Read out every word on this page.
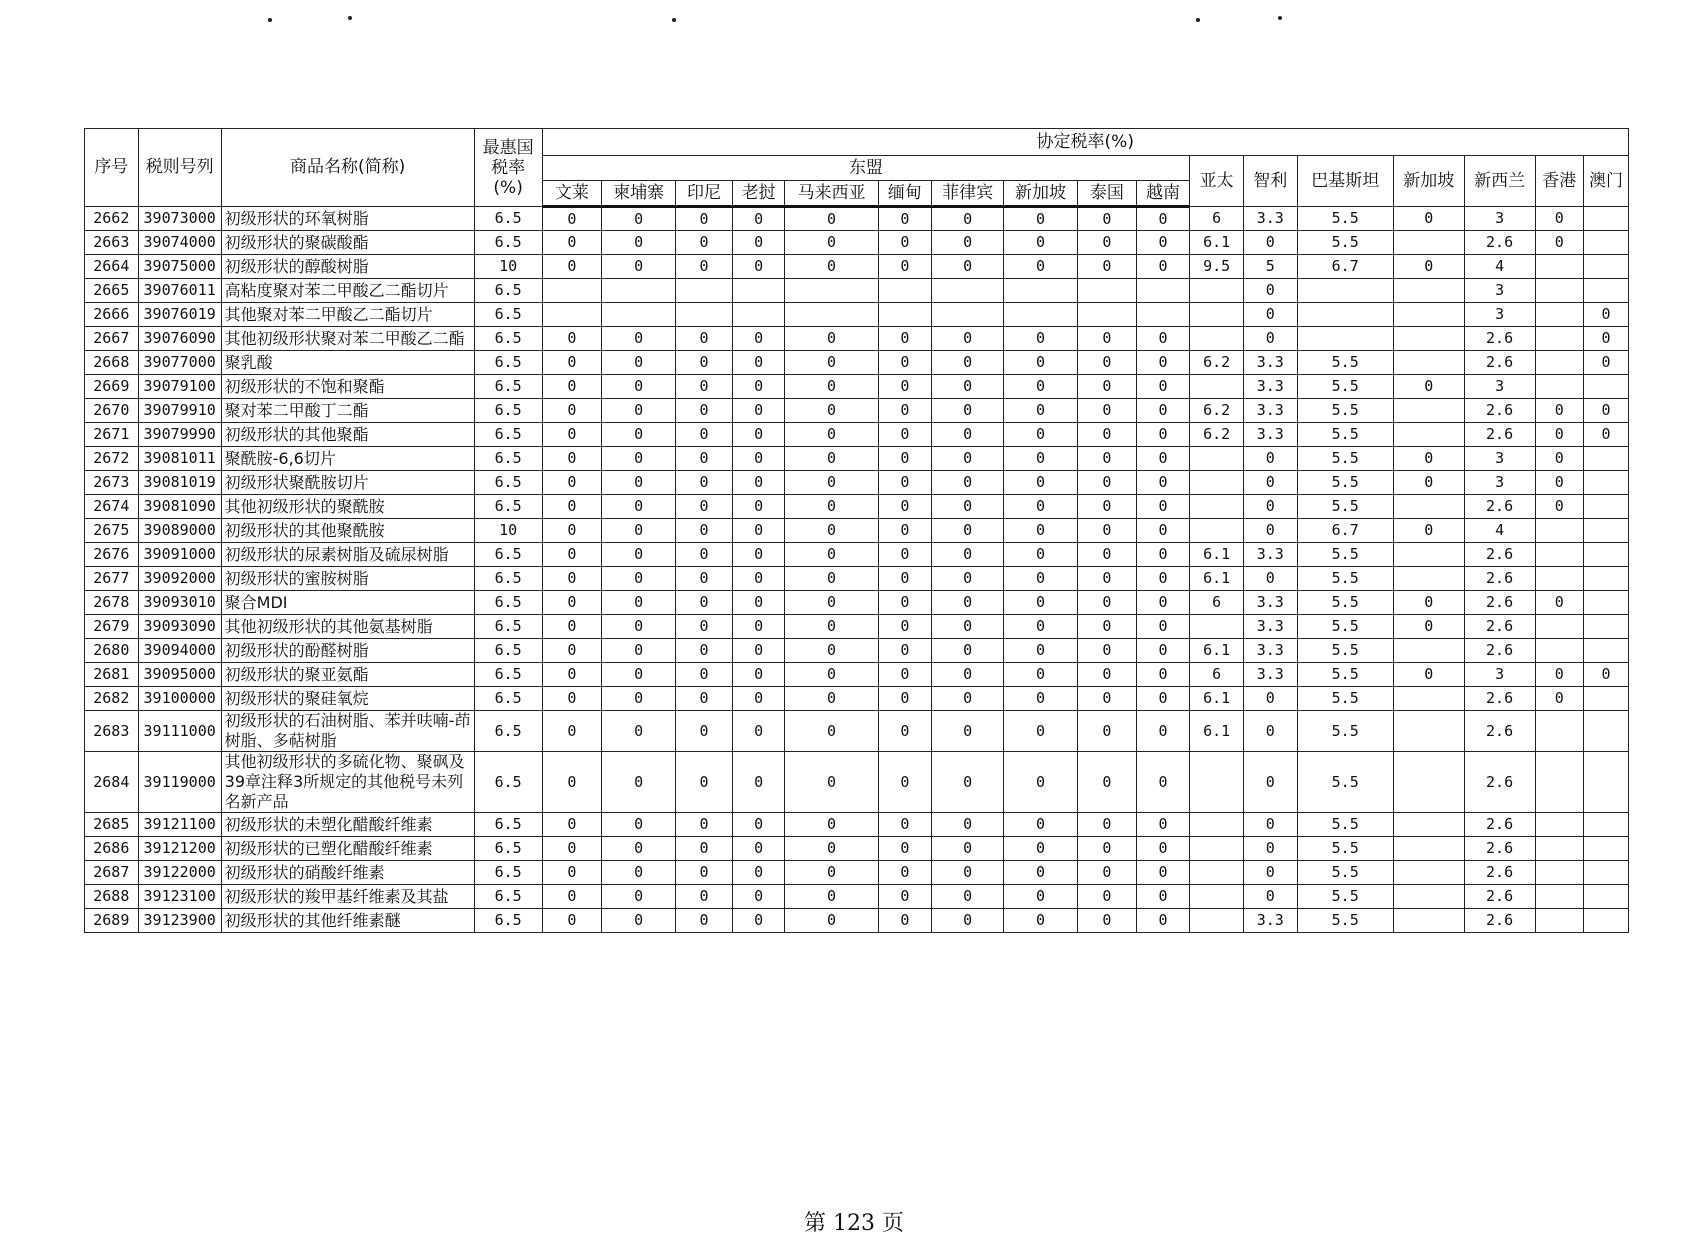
序号	税则号列	商品名称(简称)	最惠国
税率
(%)	协定税率(%)																
				东盟										亚太	智利	巴基斯坦	新加坡	新西兰	香港	澳门
				文莱	柬埔寨	印尼	老挝	马来西亚	缅甸	菲律宾	新加坡	泰国	越南							
2662	39073000	初级形状的环氧树脂	6.5	0	0	0	0	0	0	0	0	0	0	6	3.3	5.5	0	3	0	
2663	39074000	初级形状的聚碳酸酯	6.5	0	0	0	0	0	0	0	0	0	0	6.1	0	5.5		2.6	0	
2664	39075000	初级形状的醇酸树脂	10	0	0	0	0	0	0	0	0	0	0	9.5	5	6.7	0	4		
2665	39076011	高粘度聚对苯二甲酸乙二酯切片	6.5												0			3		
2666	39076019	其他聚对苯二甲酸乙二酯切片	6.5												0			3		0
2667	39076090	其他初级形状聚对苯二甲酸乙二酯	6.5	0	0	0	0	0	0	0	0	0	0		0			2.6		0
2668	39077000	聚乳酸	6.5	0	0	0	0	0	0	0	0	0	0	6.2	3.3	5.5		2.6		0
2669	39079100	初级形状的不饱和聚酯	6.5	0	0	0	0	0	0	0	0	0	0		3.3	5.5	0	3		
2670	39079910	聚对苯二甲酸丁二酯	6.5	0	0	0	0	0	0	0	0	0	0	6.2	3.3	5.5		2.6	0	0
2671	39079990	初级形状的其他聚酯	6.5	0	0	0	0	0	0	0	0	0	0	6.2	3.3	5.5		2.6	0	0
2672	39081011	聚酰胺-6,6切片	6.5	0	0	0	0	0	0	0	0	0	0		0	5.5	0	3	0	
2673	39081019	初级形状聚酰胺切片	6.5	0	0	0	0	0	0	0	0	0	0		0	5.5	0	3	0	
2674	39081090	其他初级形状的聚酰胺	6.5	0	0	0	0	0	0	0	0	0	0		0	5.5		2.6	0	
2675	39089000	初级形状的其他聚酰胺	10	0	0	0	0	0	0	0	0	0	0		0	6.7	0	4		
2676	39091000	初级形状的尿素树脂及硫尿树脂	6.5	0	0	0	0	0	0	0	0	0	0	6.1	3.3	5.5		2.6		
2677	39092000	初级形状的蜜胺树脂	6.5	0	0	0	0	0	0	0	0	0	0	6.1	0	5.5		2.6		
2678	39093010	聚合MDI	6.5	0	0	0	0	0	0	0	0	0	0	6	3.3	5.5	0	2.6	0	
2679	39093090	其他初级形状的其他氨基树脂	6.5	0	0	0	0	0	0	0	0	0	0		3.3	5.5	0	2.6		
2680	39094000	初级形状的酚醛树脂	6.5	0	0	0	0	0	0	0	0	0	0	6.1	3.3	5.5		2.6		
2681	39095000	初级形状的聚亚氨酯	6.5	0	0	0	0	0	0	0	0	0	0	6	3.3	5.5	0	3	0	0
2682	39100000	初级形状的聚硅氧烷	6.5	0	0	0	0	0	0	0	0	0	0	6.1	0	5.5		2.6	0	
2683	39111000	初级形状的石油树脂、苯并呋喃-茚树脂、多萜树脂	6.5	0	0	0	0	0	0	0	0	0	0	6.1	0	5.5		2.6		
2684	39119000	其他初级形状的多硫化物、聚砜及39章注释3所规定的其他税号未列名新产品	6.5	0	0	0	0	0	0	0	0	0	0		0	5.5		2.6		
2685	39121100	初级形状的未塑化醋酸纤维素	6.5	0	0	0	0	0	0	0	0	0	0		0	5.5		2.6		
2686	39121200	初级形状的已塑化醋酸纤维素	6.5	0	0	0	0	0	0	0	0	0	0		0	5.5		2.6		
2687	39122000	初级形状的硝酸纤维素	6.5	0	0	0	0	0	0	0	0	0	0		0	5.5		2.6		
2688	39123100	初级形状的羧甲基纤维素及其盐	6.5	0	0	0	0	0	0	0	0	0	0		0	5.5		2.6		
2689	39123900	初级形状的其他纤维素醚	6.5	0	0	0	0	0	0	0	0	0	0		3.3	5.5		2.6		
第 123 页
